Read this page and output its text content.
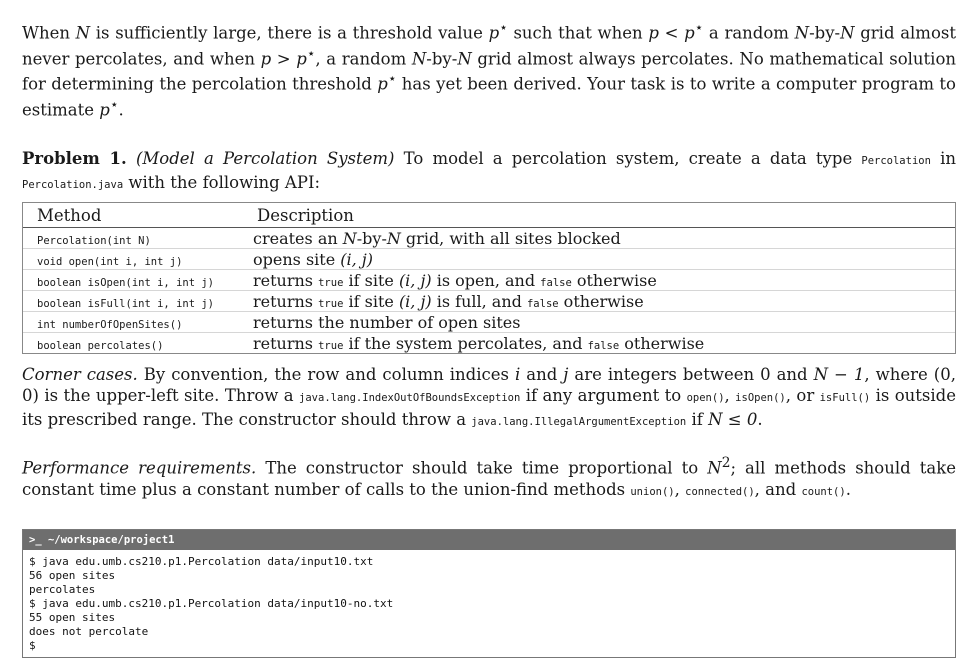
When N is sufficiently large, there is a threshold value p⋆ such that when p < p⋆ a random N-by-N grid almost never percolates, and when p > p⋆, a random N-by-N grid almost always percolates. No mathematical solution for determining the percolation threshold p⋆ has yet been derived. Your task is to write a computer program to estimate p⋆.

Problem 1. (Model a Percolation System) To model a percolation system, create a data type Percolation in Percolation.java with the following API:

Method	Description
Percolation(int N)	creates an N-by-N grid, with all sites blocked
void open(int i, int j)	opens site (i, j)
boolean isOpen(int i, int j)	returns true if site (i, j) is open, and false otherwise
boolean isFull(int i, int j)	returns true if site (i, j) is full, and false otherwise
int numberOfOpenSites()	returns the number of open sites
boolean percolates()	returns true if the system percolates, and false otherwise

Corner cases. By convention, the row and column indices i and j are integers between 0 and N − 1, where (0, 0) is the upper-left site. Throw a java.lang.IndexOutOfBoundsException if any argument to open(), isOpen(), or isFull() is outside its prescribed range. The constructor should throw a java.lang.IllegalArgumentException if N ≤ 0.

Performance requirements. The constructor should take time proportional to $N^2$; all methods should take constant time plus a constant number of calls to the union-find methods union(), connected(), and count().

>_ ~/workspace/project1
$ java edu.umb.cs210.p1.Percolation data/input10.txt
56 open sites
percolates
$ java edu.umb.cs210.p1.Percolation data/input10-no.txt
55 open sites
does not percolate
$
